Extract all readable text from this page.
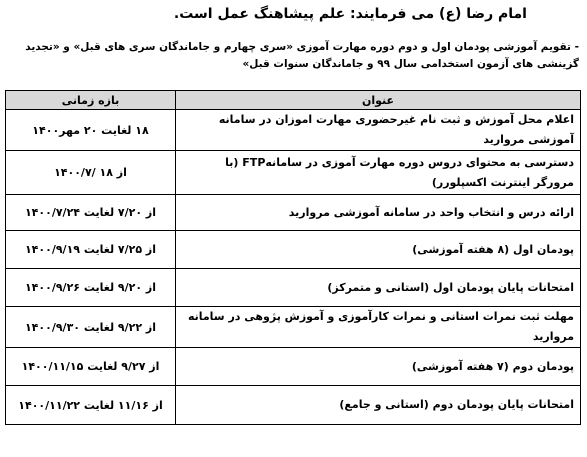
امام رضا (ع) می فرمایند: علم پیشاهنگ عمل است.
- تقویم آموزشی پودمان اول و دوم دوره مهارت آموزی «سری چهارم و جاماندگان سری های قبل» و «تجدید گزینشی های آزمون استخدامی سال ۹۹ و جاماندگان سنوات قبل»
عنوان	بازه زمانی
اعلام محل آموزش و ثبت نام غیرحضوری مهارت اموزان در سامانه آموزشی مروارید	۱۸ لغایت ۲۰ مهر۱۴۰۰
دسترسی به محتوای دروس دوره مهارت آموزی در سامانهFTP (با مرورگر اینترنت اکسپلورر)	از ۱۸ /۱۴۰۰/۷
ارائه درس و انتخاب واحد در سامانه آموزشی مروارید	از ۷/۲۰ لغایت ۱۴۰۰/۷/۲۴
پودمان اول (۸ هفته آموزشی)	از ۷/۲۵ لغایت ۱۴۰۰/۹/۱۹
امتحانات پایان پودمان اول (استانی و متمرکز)	از ۹/۲۰ لغایت ۱۴۰۰/۹/۲۶
مهلت ثبت نمرات استانی و نمرات کارآموزی و آموزش پژوهی در سامانه مروارید	از ۹/۲۲ لغایت ۱۴۰۰/۹/۳۰
پودمان دوم (۷ هفته آموزشی)	از ۹/۲۷ لغایت ۱۴۰۰/۱۱/۱۵
امتحانات پایان پودمان دوم (استانی و جامع)	از ۱۱/۱۶ لغایت ۱۴۰۰/۱۱/۲۲
